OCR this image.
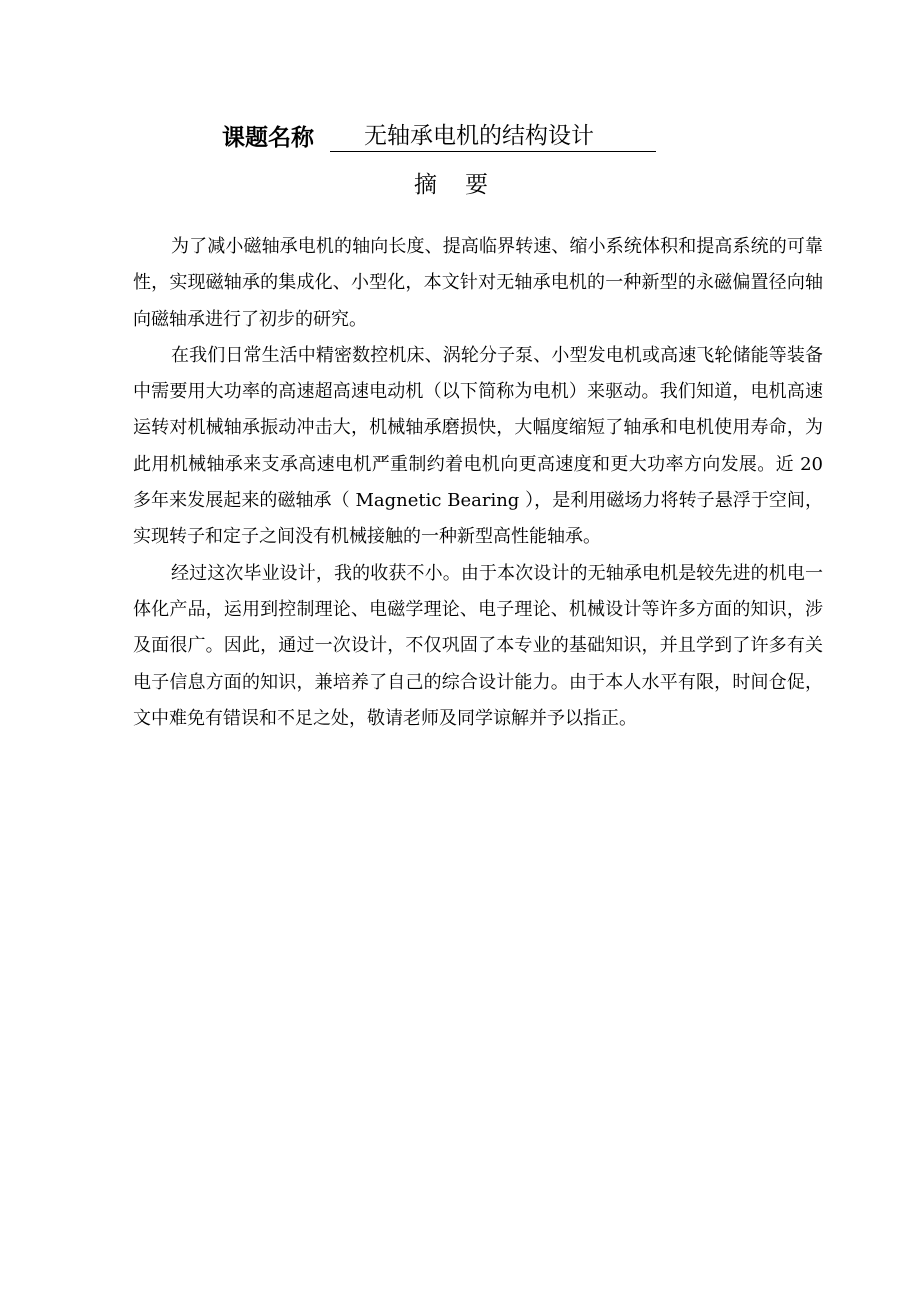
课题名称 无轴承电机的结构设计
摘要

为了减小磁轴承电机的轴向长度、提高临界转速、缩小系统体积和提高系统的可靠性，实现磁轴承的集成化、小型化，本文针对无轴承电机的一种新型的永磁偏置径向轴向磁轴承进行了初步的研究。

在我们日常生活中精密数控机床、涡轮分子泵、小型发电机或高速飞轮储能等装备中需要用大功率的高速超高速电动机（以下简称为电机）来驱动。我们知道，电机高速运转对机械轴承振动冲击大，机械轴承磨损快，大幅度缩短了轴承和电机使用寿命，为此用机械轴承来支承高速电机严重制约着电机向更高速度和更大功率方向发展。近 20 多年来发展起来的磁轴承（ Magnetic Bearing ），是利用磁场力将转子悬浮于空间，实现转子和定子之间没有机械接触的一种新型高性能轴承。

经过这次毕业设计，我的收获不小。由于本次设计的无轴承电机是较先进的机电一体化产品，运用到控制理论、电磁学理论、电子理论、机械设计等许多方面的知识，涉及面很广。因此，通过一次设计，不仅巩固了本专业的基础知识，并且学到了许多有关电子信息方面的知识，兼培养了自己的综合设计能力。由于本人水平有限，时间仓促，文中难免有错误和不足之处，敬请老师及同学谅解并予以指正。
